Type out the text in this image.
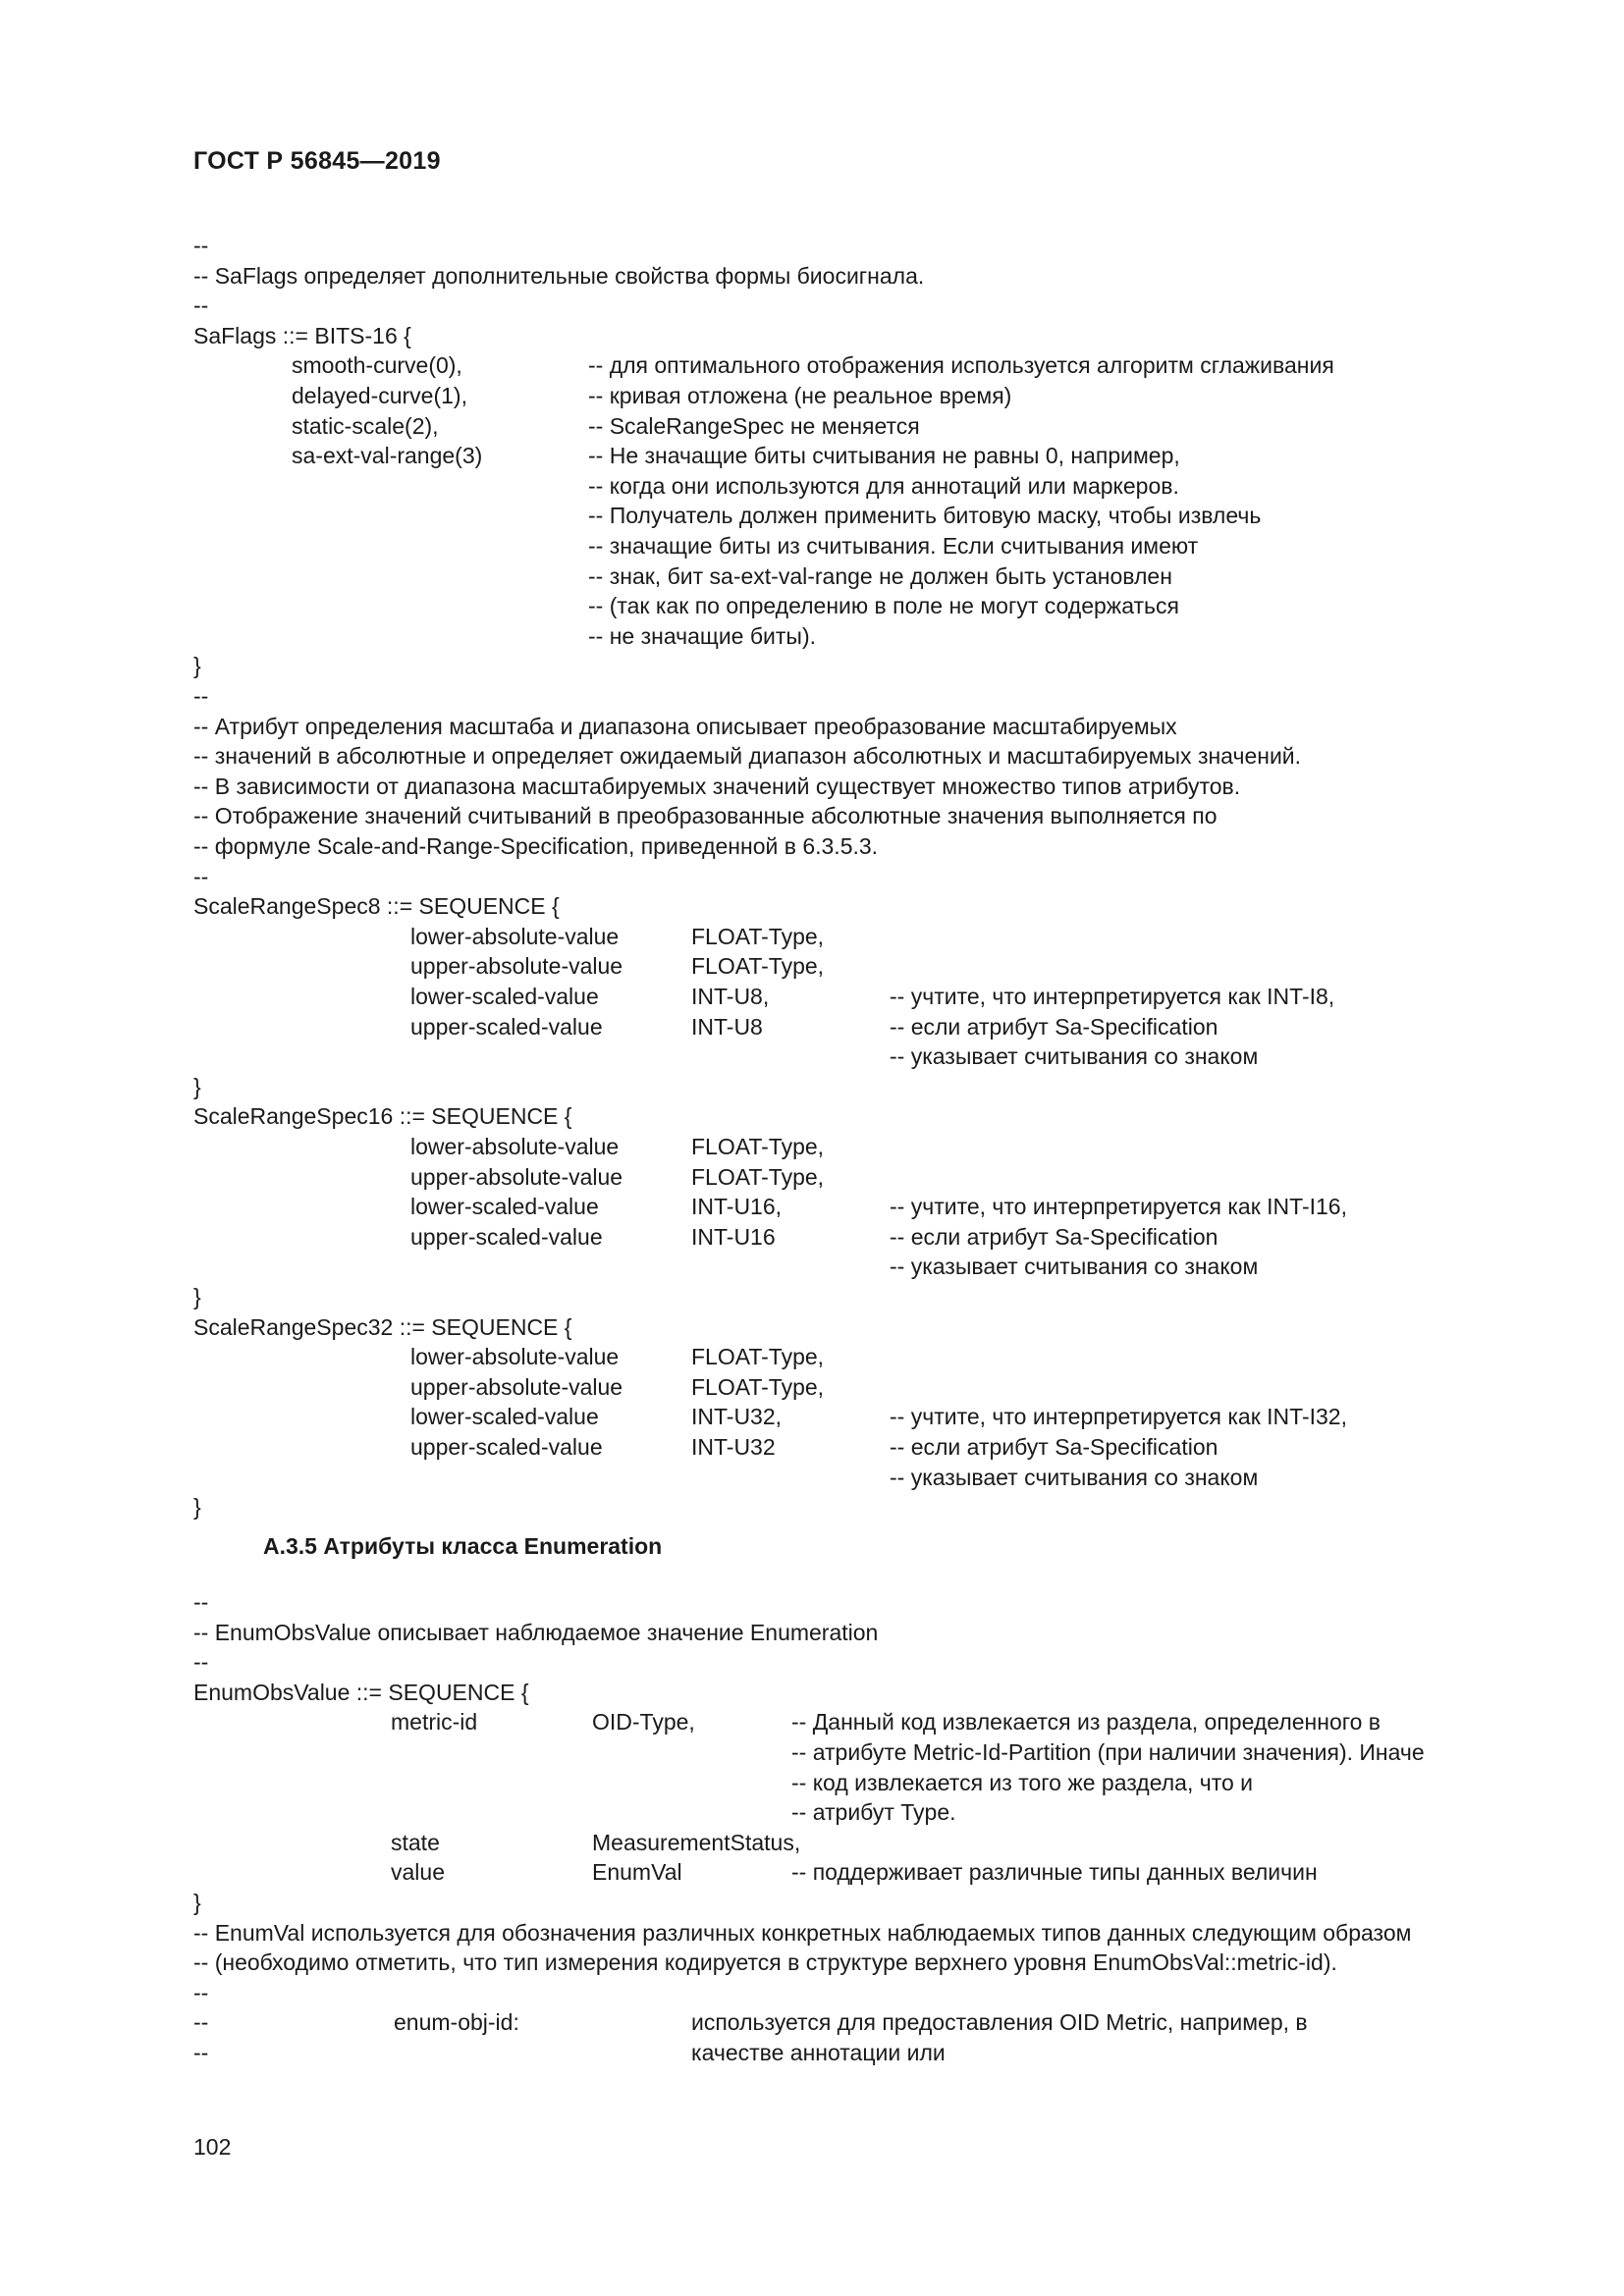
ГОСТ Р 56845—2019
--
-- SaFlags определяет дополнительные свойства формы биосигнала.
--
SaFlags ::= BITS-16 {
smooth-curve(0),	-- для оптимального отображения используется алгоритм сглаживания
delayed-curve(1),	-- кривая отложена (не реальное время)
static-scale(2),	-- ScaleRangeSpec не меняется
sa-ext-val-range(3)	-- Не значащие биты считывания не равны 0, например,
-- когда они используются для аннотаций или маркеров.
-- Получатель должен применить битовую маску, чтобы извлечь
-- значащие биты из считывания. Если считывания имеют
-- знак, бит sa-ext-val-range не должен быть установлен
-- (так как по определению в поле не могут содержаться
-- не значащие биты).
}
--
-- Атрибут определения масштаба и диапазона описывает преобразование масштабируемых
-- значений в абсолютные и определяет ожидаемый диапазон абсолютных и масштабируемых значений.
-- В зависимости от диапазона масштабируемых значений существует множество типов атрибутов.
-- Отображение значений считываний в преобразованные абсолютные значения выполняется по
-- формуле Scale-and-Range-Specification, приведенной в 6.3.5.3.
--
ScaleRangeSpec8 ::= SEQUENCE {
lower-absolute-value	FLOAT-Type,
upper-absolute-value	FLOAT-Type,
lower-scaled-value	INT-U8,	-- учтите, что интерпретируется как INT-I8,
upper-scaled-value	INT-U8	-- если атрибут Sa-Specification
-- указывает считывания со знаком
}
ScaleRangeSpec16 ::= SEQUENCE {
lower-absolute-value	FLOAT-Type,
upper-absolute-value	FLOAT-Type,
lower-scaled-value	INT-U16,	-- учтите, что интерпретируется как INT-I16,
upper-scaled-value	INT-U16	-- если атрибут Sa-Specification
-- указывает считывания со знаком
}
ScaleRangeSpec32 ::= SEQUENCE {
lower-absolute-value	FLOAT-Type,
upper-absolute-value	FLOAT-Type,
lower-scaled-value	INT-U32,	-- учтите, что интерпретируется как INT-I32,
upper-scaled-value	INT-U32	-- если атрибут Sa-Specification
-- указывает считывания со знаком
}
А.3.5 Атрибуты класса Enumeration
--
-- EnumObsValue описывает наблюдаемое значение Enumeration
--
EnumObsValue ::= SEQUENCE {
metric-id	OID-Type,	-- Данный код извлекается из раздела, определенного в
-- атрибуте Metric-Id-Partition (при наличии значения). Иначе
-- код извлекается из того же раздела, что и
-- атрибут Type.
state	MeasurementStatus,
value	EnumVal	-- поддерживает различные типы данных величин
}
-- EnumVal используется для обозначения различных конкретных наблюдаемых типов данных следующим образом
-- (необходимо отметить, что тип измерения кодируется в структуре верхнего уровня EnumObsVal::metric-id).
--
--	enum-obj-id:	используется для предоставления OID Metric, например, в
--	качестве аннотации или
102
